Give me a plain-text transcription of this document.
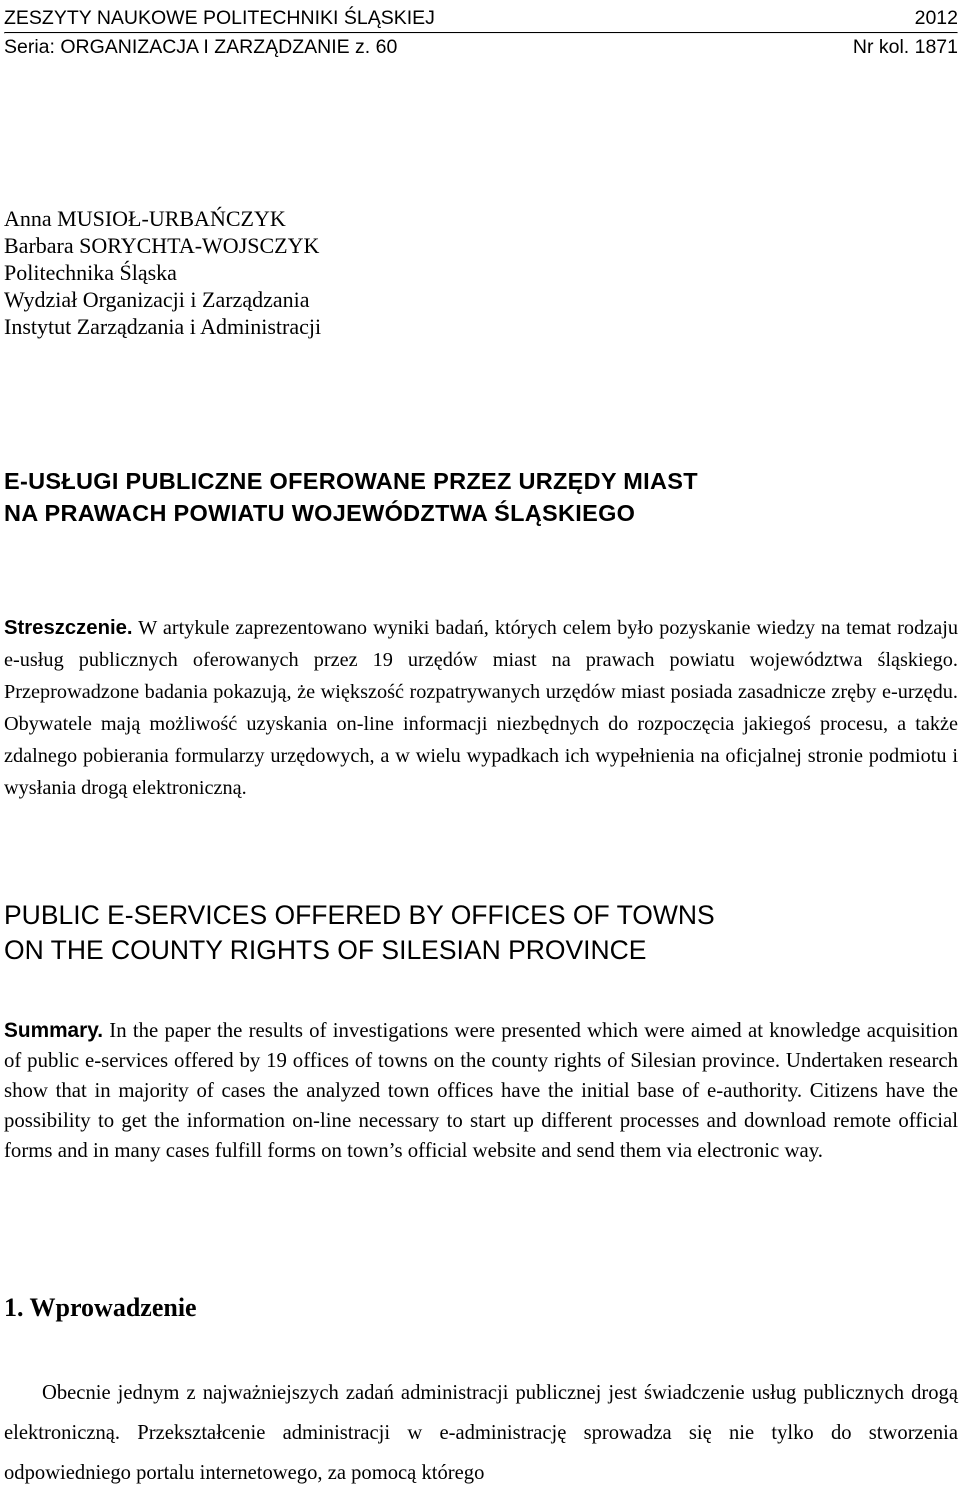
ZESZYTY NAUKOWE POLITECHNIKI ŚLĄSKIEJ	2012
Seria: ORGANIZACJA I ZARZĄDZANIE z. 60	Nr kol. 1871
Anna MUSIOŁ-URBAŃCZYK
Barbara SORYCHTA-WOJSCZYK
Politechnika Śląska
Wydział Organizacji i Zarządzania
Instytut Zarządzania i Administracji
E-USŁUGI PUBLICZNE OFEROWANE PRZEZ URZĘDY MIAST
NA PRAWACH POWIATU WOJEWÓDZTWA ŚLĄSKIEGO

Streszczenie. W artykule zaprezentowano wyniki badań, których celem było pozyskanie wiedzy na temat rodzaju e-usług publicznych oferowanych przez 19 urzędów miast na prawach powiatu województwa śląskiego. Przeprowadzone badania pokazują, że większość rozpatrywanych urzędów miast posiada zasadnicze zręby e-urzędu. Obywatele mają możliwość uzyskania on-line informacji niezbędnych do rozpoczęcia jakiegoś procesu, a także zdalnego pobierania formularzy urzędowych, a w wielu wypadkach ich wypełnienia na oficjalnej stronie podmiotu i wysłania drogą elektroniczną.

PUBLIC E-SERVICES OFFERED BY OFFICES OF TOWNS
ON THE COUNTY RIGHTS OF SILESIAN PROVINCE

Summary. In the paper the results of investigations were presented which were aimed at knowledge acquisition of public e-services offered by 19 offices of towns on the county rights of Silesian province. Undertaken research show that in majority of cases the analyzed town offices have the initial base of e-authority. Citizens have the possibility to get the information on-line necessary to start up different processes and download remote official forms and in many cases fulfill forms on town’s official website and send them via electronic way.

1. Wprowadzenie

Obecnie jednym z najważniejszych zadań administracji publicznej jest świadczenie usług publicznych drogą elektroniczną. Przekształcenie administracji w e-administrację sprowadza się nie tylko do stworzenia odpowiedniego portalu internetowego, za pomocą którego
